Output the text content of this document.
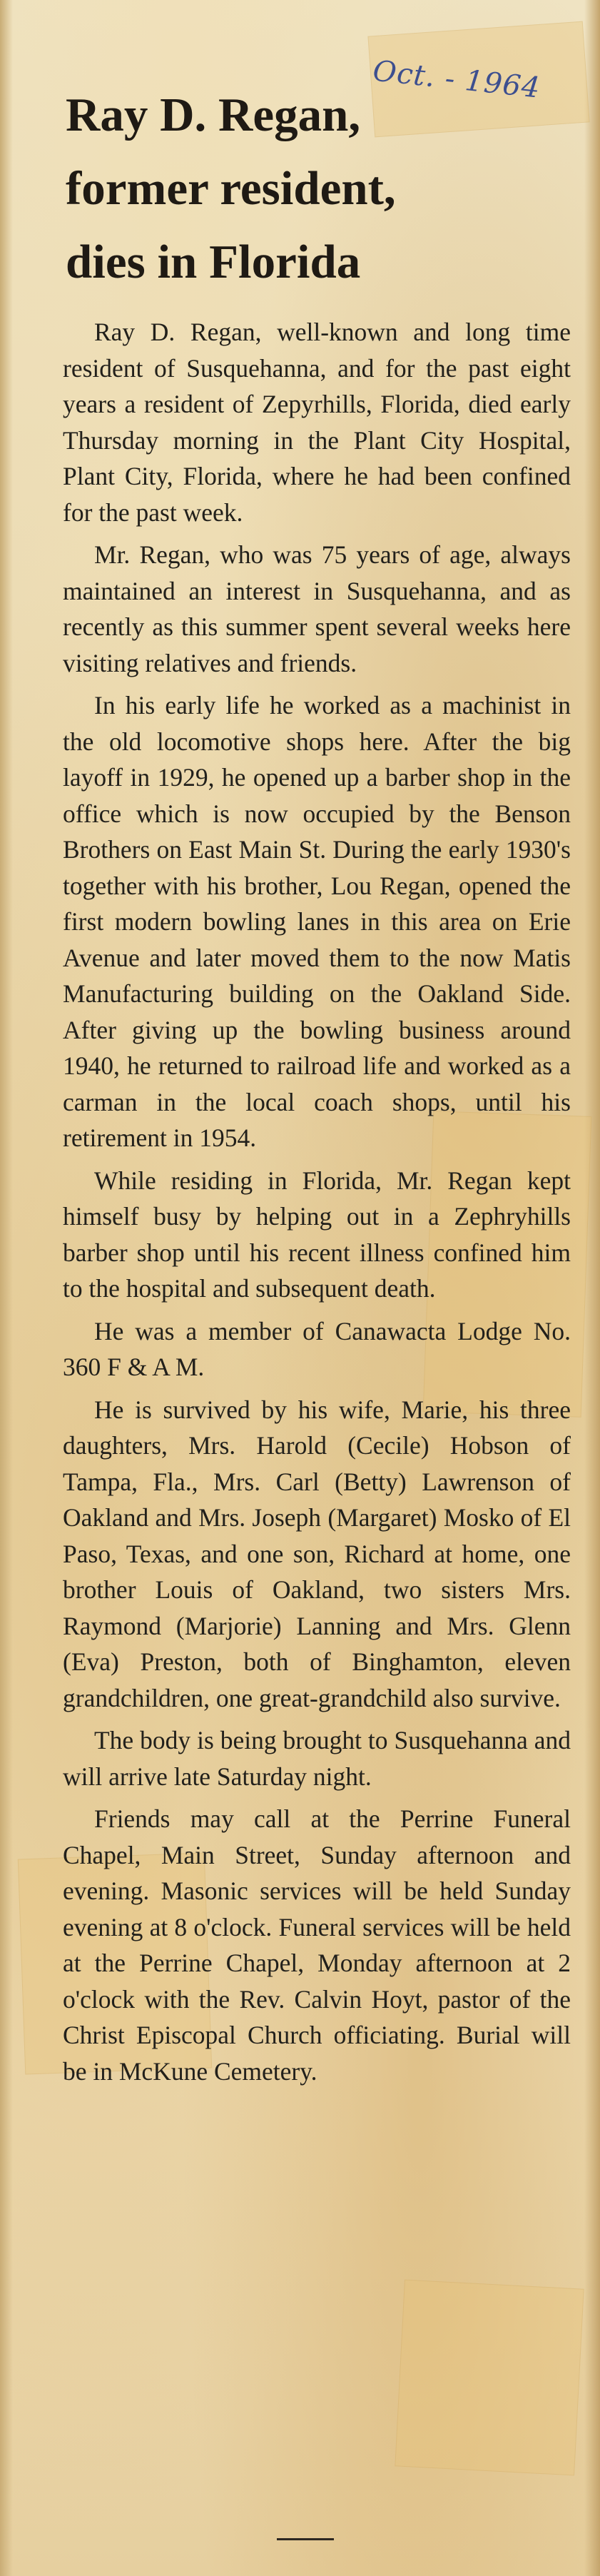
Oct. - 1964
Ray D. Regan,
former resident,
dies in Florida

Ray D. Regan, well-known and long time resident of Susquehanna, and for the past eight years a resident of Zepyrhills, Florida, died early Thursday morning in the Plant City Hospital, Plant City, Florida, where he had been confined for the past week.

Mr. Regan, who was 75 years of age, always maintained an interest in Susquehanna, and as recently as this summer spent several weeks here visiting relatives and friends.

In his early life he worked as a machinist in the old locomotive shops here. After the big layoff in 1929, he opened up a barber shop in the office which is now occupied by the Benson Brothers on East Main St. During the early 1930's together with his brother, Lou Regan, opened the first modern bowling lanes in this area on Erie Avenue and later moved them to the now Matis Manufacturing building on the Oakland Side. After giving up the bowling business around 1940, he returned to railroad life and worked as a carman in the local coach shops, until his retirement in 1954.

While residing in Florida, Mr. Regan kept himself busy by helping out in a Zephryhills barber shop until his recent illness confined him to the hospital and subsequent death.

He was a member of Canawacta Lodge No. 360 F & A M.

He is survived by his wife, Marie, his three daughters, Mrs. Harold (Cecile) Hobson of Tampa, Fla., Mrs. Carl (Betty) Lawrenson of Oakland and Mrs. Joseph (Margaret) Mosko of El Paso, Texas, and one son, Richard at home, one brother Louis of Oakland, two sisters Mrs. Raymond (Marjorie) Lanning and Mrs. Glenn (Eva) Preston, both of Binghamton, eleven grandchildren, one great-grandchild also survive.

The body is being brought to Susquehanna and will arrive late Saturday night.

Friends may call at the Perrine Funeral Chapel, Main Street, Sunday afternoon and evening. Masonic services will be held Sunday evening at 8 o'clock. Funeral services will be held at the Perrine Chapel, Monday afternoon at 2 o'clock with the Rev. Calvin Hoyt, pastor of the Christ Episcopal Church officiating. Burial will be in McKune Cemetery.
